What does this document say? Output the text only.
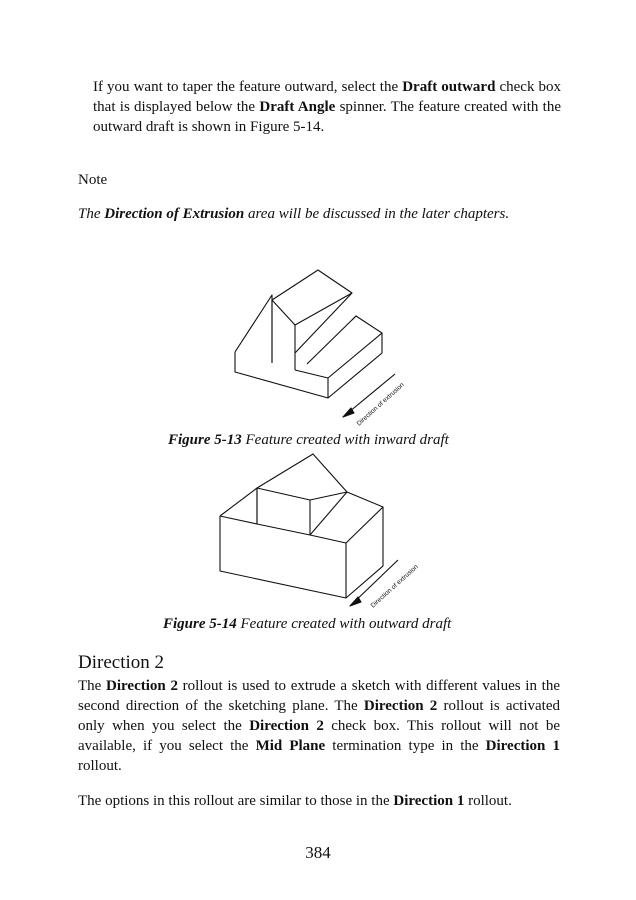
If you want to taper the feature outward, select the Draft outward check box that is displayed below the Draft Angle spinner. The feature created with the outward draft is shown in Figure 5-14.

Note

The Direction of Extrusion area will be discussed in the later chapters.

Direction of extrusion

Figure 5-13 Feature created with inward draft

Direction of extrusion

Figure 5-14 Feature created with outward draft

Direction 2

The Direction 2 rollout is used to extrude a sketch with different values in the second direction of the sketching plane. The Direction 2 rollout is activated only when you select the Direction 2 check box. This rollout will not be available, if you select the Mid Plane termination type in the Direction 1 rollout.

The options in this rollout are similar to those in the Direction 1 rollout.

384
